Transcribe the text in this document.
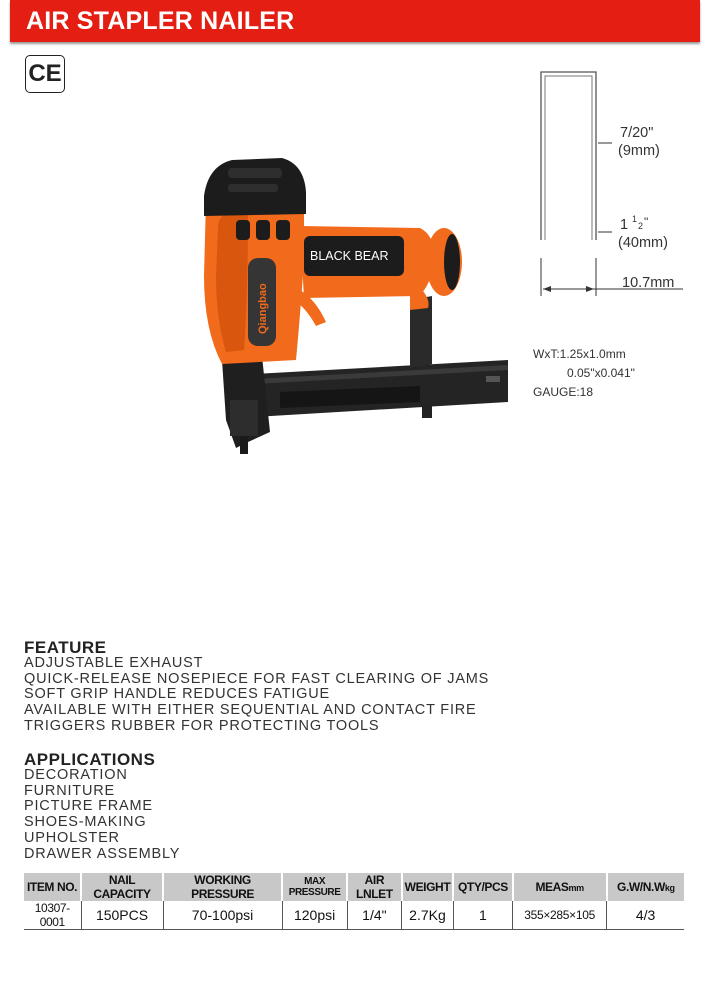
AIR STAPLER NAILER
CE
Qiangbao
BLACK BEAR
7/20"
(9mm)
1 1
2 "
(40mm)
10.7mm
WxT:1.25x1.0mm
0.05"x0.041"
GAUGE:18
FEATURE
ADJUSTABLE EXHAUST
QUICK-RELEASE NOSEPIECE FOR FAST CLEARING OF JAMS
SOFT GRIP HANDLE REDUCES FATIGUE
AVAILABLE WITH EITHER SEQUENTIAL AND CONTACT FIRE
TRIGGERS RUBBER FOR PROTECTING TOOLS
APPLICATIONS
DECORATION
FURNITURE
PICTURE FRAME
SHOES-MAKING
UPHOLSTER
DRAWER ASSEMBLY
ITEM NO.	NAIL CAPACITY	WORKING PRESSURE	MAX PRESSURE	AIR LNLET	WEIGHT	QTY/PCS	MEASmm	G.W/N.Wkg
10307-0001	150PCS	70-100psi	120psi	1/4"	2.7Kg	1	355×285×105	4/3
